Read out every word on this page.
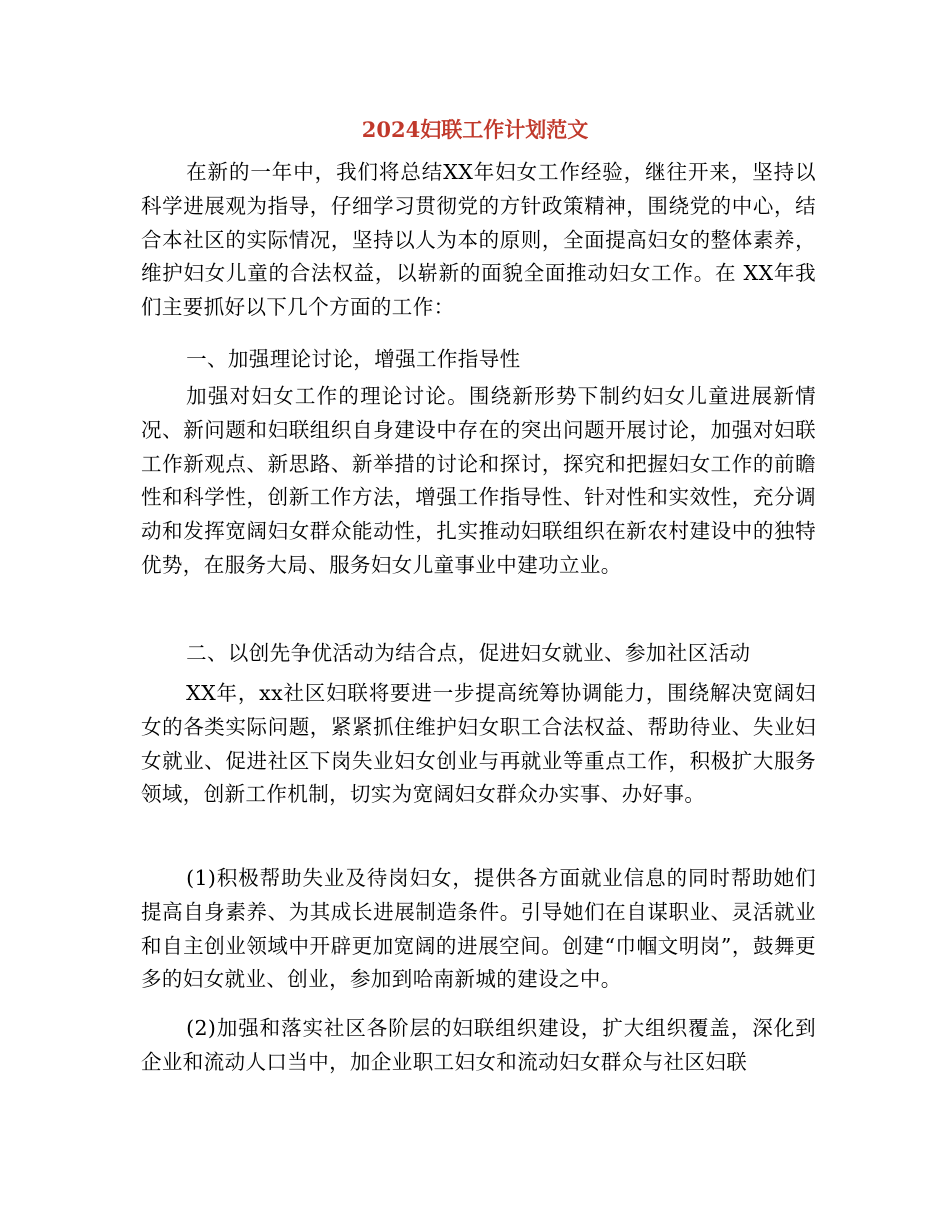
2024妇联工作计划范文

在新的一年中，我们将总结XX年妇女工作经验，继往开来，坚持以科学进展观为指导，仔细学习贯彻党的方针政策精神，围绕党的中心，结合本社区的实际情况，坚持以人为本的原则，全面提高妇女的整体素养，维护妇女儿童的合法权益，以崭新的面貌全面推动妇女工作。在 XX年我们主要抓好以下几个方面的工作：

一、加强理论讨论，增强工作指导性

加强对妇女工作的理论讨论。围绕新形势下制约妇女儿童进展新情况、新问题和妇联组织自身建设中存在的突出问题开展讨论，加强对妇联工作新观点、新思路、新举措的讨论和探讨，探究和把握妇女工作的前瞻性和科学性，创新工作方法，增强工作指导性、针对性和实效性，充分调动和发挥宽阔妇女群众能动性，扎实推动妇联组织在新农村建设中的独特优势，在服务大局、服务妇女儿童事业中建功立业。

二、以创先争优活动为结合点，促进妇女就业、参加社区活动

XX年，xx社区妇联将要进一步提高统筹协调能力，围绕解决宽阔妇女的各类实际问题，紧紧抓住维护妇女职工合法权益、帮助待业、失业妇女就业、促进社区下岗失业妇女创业与再就业等重点工作，积极扩大服务领域，创新工作机制，切实为宽阔妇女群众办实事、办好事。

(1)积极帮助失业及待岗妇女，提供各方面就业信息的同时帮助她们提高自身素养、为其成长进展制造条件。引导她们在自谋职业、灵活就业和自主创业领域中开辟更加宽阔的进展空间。创建“巾帼文明岗”，鼓舞更多的妇女就业、创业，参加到哈南新城的建设之中。

(2)加强和落实社区各阶层的妇联组织建设，扩大组织覆盖，深化到企业和流动人口当中，加企业职工妇女和流动妇女群众与社区妇联
